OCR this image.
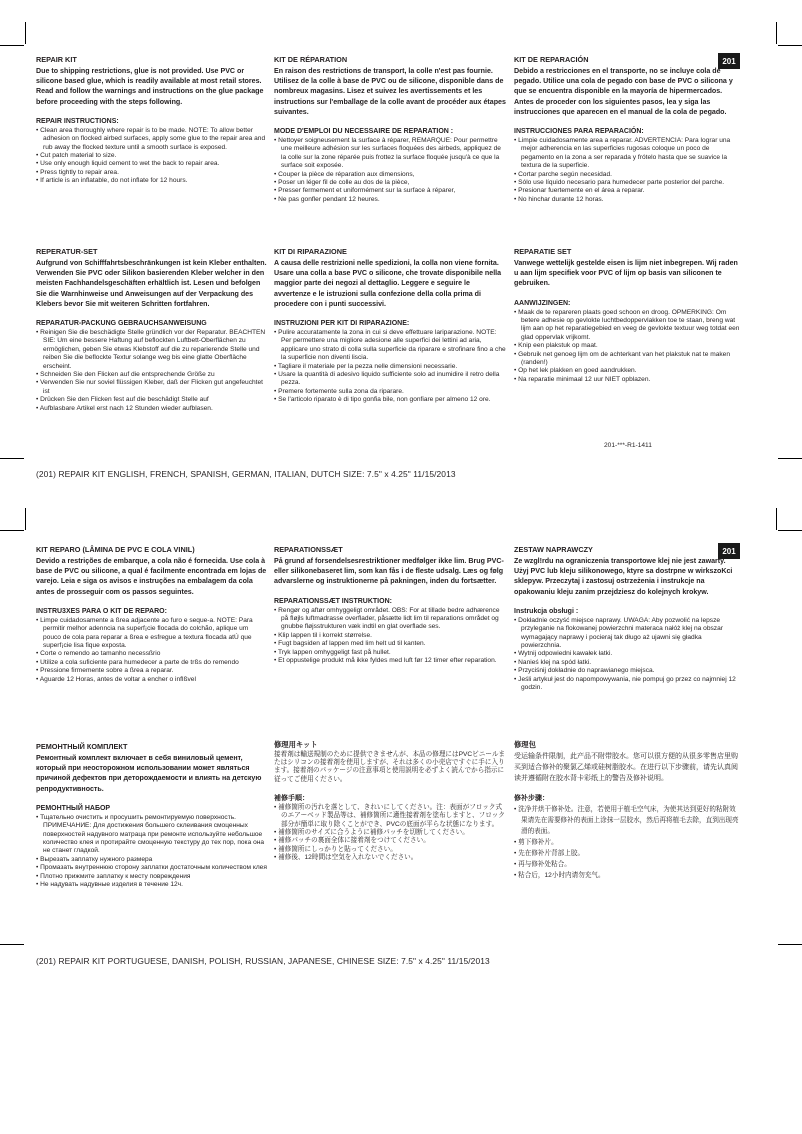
201
201
REPAIR KIT

Due to shipping restrictions, glue is not provided. Use PVC or silicone based glue, which is readily available at most retail stores. Read and follow the warnings and instructions on the glue package before proceeding with the steps following.

REPAIR INSTRUCTIONS:
• Clean area thoroughly where repair is to be made. NOTE: To allow better adhesion on flocked airbed surfaces, apply some glue to the repair area and rub away the flocked texture until a smooth surface is exposed.
• Cut patch material to size.
• Use only enough liquid cement to wet the back to repair area.
• Press tightly to repair area.
• If article is an inflatable, do not inflate for 12 hours.
KIT DE RÉPARATION

En raison des restrictions de transport, la colle n'est pas fournie. Utilisez de la colle à base de PVC ou de silicone, disponible dans de nombreux magasins. Lisez et suivez les avertissements et les instructions sur l'emballage de la colle avant de procéder aux étapes suivantes.

MODE D'EMPLOI DU NECESSAIRE DE REPARATION :
• Nettoyer soigneusement la surface à réparer, REMARQUE: Pour permettre une meilleure adhésion sur les surfaces floquées des airbeds, appliquez de la colle sur la zone réparée puis frottez la surface floquée jusqu'à ce que la surface soit exposée.
• Couper la pièce de réparation aux dimensions,
• Poser un léger fil de colle au dos de la pièce,
• Presser fermement et uniformément sur la surface à réparer,
• Ne pas gonfler pendant 12 heures.
KIT DE REPARACIÓN

Debido a restricciones en el transporte, no se incluye cola de pegado. Utilice una cola de pegado con base de PVC o silicona y que se encuentra disponible en la mayoría de hipermercados. Antes de proceder con los siguientes pasos, lea y siga las instrucciones que aparecen en el manual de la cola de pegado.

INSTRUCCIONES PARA REPARACIÓN:
• Limpie cuidadosamente area a reparar. ADVERTENCIA: Para lograr una mejor adherencia en las superficies rugosas coloque un poco de pegamento en la zona a ser reparada y frótelo hasta que se suavice la textura de la superficie.
• Cortar parche según necesidad.
• Sólo use líquido necesario para humedecer parte posterior del parche.
• Presionar fuertemente en el área a reparar.
• No hinchar durante 12 horas.
REPERATUR-SET

Aufgrund von Schifffahrtsbeschränkungen ist kein Kleber enthalten. Verwenden Sie PVC oder Silikon basierenden Kleber welcher in den meisten Fachhandelsgeschäften erhältlich ist. Lesen und befolgen Sie die Warnhinweise und Anweisungen auf der Verpackung des Klebers bevor Sie mit weiteren Schritten fortfahren.

REPARATUR-PACKUNG GEBRAUCHSANWEISUNG
• Reinigen Sie die beschädigte Stelle gründlich vor der Reparatur. BEACHTEN SIE: Um eine bessere Haftung auf beflockten Luftbett-Oberflächen zu ermöglichen, geben Sie etwas Klebstoff auf die zu reparierende Stelle und reiben Sie die beflockte Textur solange weg bis eine glatte Oberfläche erscheint.
• Schneiden Sie den Flicken auf die entsprechende Größe zu
• Verwenden Sie nur soviel flüssigen Kleber, daß der Flicken gut angefeuchtet ist
• Drücken Sie den Flicken fest auf die beschädigt Stelle auf
• Aufblasbare Artikel erst nach 12 Stunden wieder aufblasen.
KIT DI RIPARAZIONE

A causa delle restrizioni nelle spedizioni, la colla non viene fornita. Usare una colla a base PVC o silicone, che trovate disponibile nella maggior parte dei negozi al dettaglio. Leggere e seguire le avvertenze e le istruzioni sulla confezione della colla prima di procedere con i punti successivi.

INSTRUZIONI PER KIT DI RIPARAZIONE:
• Pulire accuratamente la zona in cui si deve effettuare lariparazione. NOTE: Per permettere una migliore adesione alle superfici dei lettini ad aria, applicare uno strato di colla sulla superficie da riparare e strofinare fino a che la superficie non diventi liscia.
• Tagliare il materiale per la pezza nelle dimensioni necessarie.
• Usare la quantità di adesivo liquido sufficiente solo ad inumidire il retro della pezza.
• Premere fortemente sulla zona da riparare.
• Se l'articolo riparato è di tipo gonfia bile, non gonfiare per almeno 12 ore.
REPARATIE SET

Vanwege wettelijk gestelde eisen is lijm niet inbegrepen. Wij raden u aan lijm specifiek voor PVC of lijm op basis van siliconen te gebruiken.

AANWIJZINGEN:
• Maak de te repareren plaats goed schoon en droog. OPMERKING: Om betere adhesie op gevlokte luchtbedoppervlakken toe te staan, breng wat lijm aan op het reparatiegebied en veeg de gevlokte textuur weg totdat een glad oppervlak vrijkomt.
• Knip een plakstuk op maat.
• Gebruik net genoeg lijm om de achterkant van het plakstuk nat te maken (randen!)
• Op het lek plakken en goed aandrukken.
• Na reparatie minimaal 12 uur NIET opblazen.
201-***-R1-1411
(201) REPAIR KIT ENGLISH, FRENCH, SPANISH, GERMAN, ITALIAN, DUTCH SIZE: 7.5" x 4.25" 11/15/2013
KIT REPARO (LÂMINA DE PVC E COLA VINIL)

Devido a restrições de embarque, a cola não é fornecida. Use cola à base de PVC ou silicone, a qual é facilmente encontrada em lojas de varejo. Leia e siga os avisos e instruções na embalagem da cola antes de prosseguir com os passos seguintes.

INSTRU3XES PARA O KIT DE REPARO:
• Limpe cuidadosamente a ßrea adjacente ao furo e seque-a. NOTE: Para permitir melhor adenncia na superf¡cie flocada do colchão, aplique um pouco de cola para reparar a ßrea e esfregue a textura flocada atÚ que superf¡cie lisa fique exposta.
• Corte o remendo ao tamanho necessßrio
• Utilize a cola suficiente para humedecer a parte de trßs do remendo
• Pressione firmemente sobre a ßrea a reparar.
• Aguarde 12 Horas, antes de voltar a encher o inflßvel
REPARATIONSSÆT

På grund af forsendelsesrestriktioner medfølger ikke lim. Brug PVC- eller silikonebaseret lim, som kan fås i de fleste udsalg. Læs og følg advarslerne og instruktionerne på pakningen, inden du fortsætter.

REPARATIONSSÆT INSTRUKTION:
• Rengør og aftør omhyggeligt området. OBS: For at tillade bedre adhærence på fløjls luftmadrasse overflader, påsætte lidt lim til reparations området og gnubbe fløjsstrukturen væk indtil en glat overflade ses.
• Klip lappen til i korrekt størrelse.
• Fugt bagsiden af lappen med lim helt ud til kanten.
• Tryk lappen omhyggeligt fast på hullet.
• Et oppustelige produkt må ikke fyldes med luft før 12 timer efter reparation.
ZESTAW NAPRAWCZY

Ze wzgl!rdu na ograniczenia transportowe klej nie jest zawarty. Użyj PVC lub kleju silikonowego, ktyre sa dostrpne w wirkszoKci sklepyw. Przeczytaj i zastosuj ostrzeżenia i instrukcje na opakowaniu kleju zanim przejdziesz do kolejnych krokyw.

Instrukcja obsługi :
• Dokładnie oczyść miejsce naprawy. UWAGA: Aby pozwolić na lepsze przyleganie na flokowanej powierzchni materaca nałóż klej na obszar wymagający naprawy i pocieraj tak długo aż ujawni się gładka powierzchnia.
• Wytnij odpowiedni kawałek łatki.
• Nanieś klej na spód łatki.
• Przyciśnij dokładnie do naprawianego miejsca.
• Jeśli artykuł jest do napompowywania, nie pompuj go przez co najmniej 12 godzin.
РЕМОНТНЫЙ КОМПЛЕКТ

Ремонтный комплект включает в себя виниловый цемент, который при неосторожном использовании может являться причиной дефектов при деторождаемости и влиять на детскую репродуктивность.

РЕМОНТНЫЙ НАБОР
• Тщательно очистить и просушить ремонтируемую поверхность. ПРИМЕЧАНИЕ: Для достижения большего склеивания смоценных поверхностей надувного матраца при ремонте используйте небольшое количество клея и протирайте смоценную текстуру до тех пор, пока она не станет гладкой.
• Вырезать заплатку нужного размера
• Промазать внутреннюю сторону заплатки достаточным количеством клея
• Плотно прижмите заплатку к месту повреждения
• Не надувать надувные изделия в течение 12ч.
修理用キット

接着剤は輸送規制のために提供できませんが、本品の修理にはPVCビニールまたはシリコンの接着剤を使用しますが、それは多くの小売店ですぐに手に入ります。接着剤のパッケージの注意事項と使用説明を必ずよく読んでから指示に従ってご使用ください。

補修手順：
• 補修箇所の汚れを落として、きれいにしてください。注：表面がフロック式のエアーベッド製品等は、補修箇所に適性接着剤を塗布しますと、フロック部分が簡単に取り除くことができ、PVCの底面が平らな状態になります。
• 補修箇所のサイズに合うように補修パッチを切断してください。
• 補修パッチの裏面全体に接着剤をつけてください。
• 補修箇所にしっかりと貼ってください。
• 補修後、12時間は空気を入れないでください。
修理包

受运输条件限制，此产品不附带胶水。您可以很方便的从很多零售店里购买到适合修补的聚氯乙烯或硅树脂胶水。在进行以下步骤前，请先认真阅读并遵循附在胶水背卡彩纸上的警告及修补说明。

修补步骤：
• 洗净并烘干修补处。注意，若使用于植毛空气床，为使其达到更好的粘附效果请先在需要修补的表面上涂抹一层胶水，然后再将植毛去除，直到出现亮滑的表面。
• 剪下修补片。
• 先在修补片背部上胶。
• 再与修补处粘合。
• 粘合后，12小时内请勿充气。
(201) REPAIR KIT PORTUGUESE, DANISH, POLISH, RUSSIAN, JAPANESE, CHINESE SIZE: 7.5" x 4.25" 11/15/2013
